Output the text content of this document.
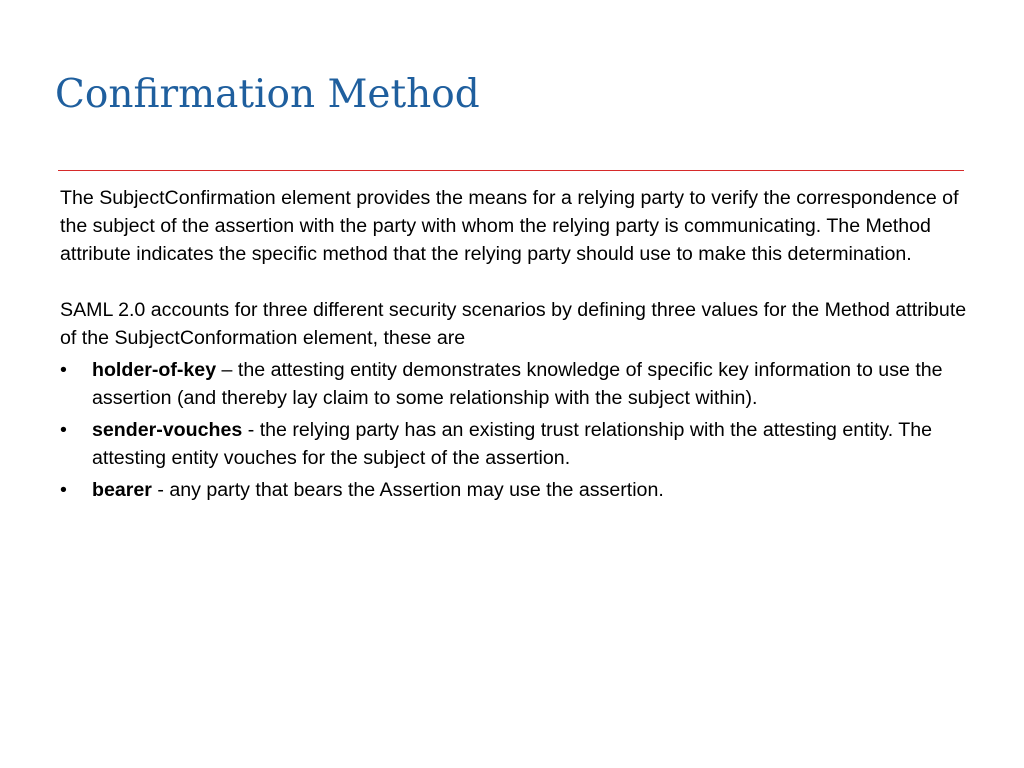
Confirmation Method

The SubjectConfirmation element provides the means for a relying party to verify the correspondence of the subject of the assertion with the party with whom the relying party is communicating. The Method attribute indicates the specific method that the relying party should use to make this determination.

SAML 2.0 accounts for three different security scenarios by defining three values for the Method attribute of the SubjectConformation element, these are

• holder-of-key – the attesting entity demonstrates knowledge of specific key information to use the assertion (and thereby lay claim to some relationship with the subject within).
• sender-vouches - the relying party has an existing trust relationship with the attesting entity. The attesting entity vouches for the subject of the assertion.
• bearer - any party that bears the Assertion may use the assertion.
